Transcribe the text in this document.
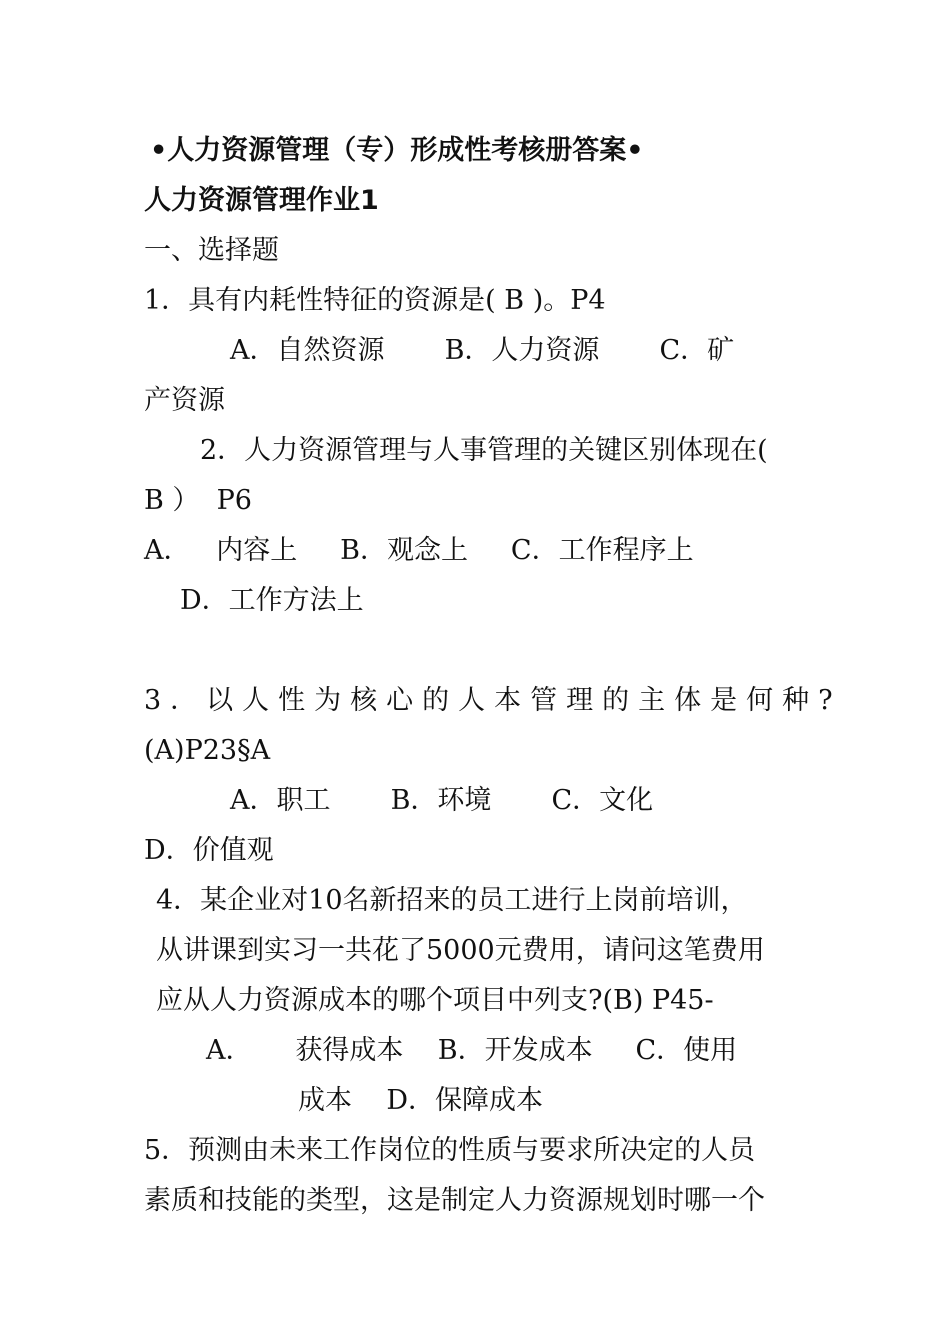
•人力资源管理（专）形成性考核册答案•
人力资源管理作业1
一、选择题
1．具有内耗性特征的资源是( B )。P4
A．自然资源       B．人力资源       C．矿
产资源
2．人力资源管理与人事管理的关键区别体现在(
B ）  P6
A．   内容上     B．观念上     C．工作程序上
D．工作方法上
3．以人性为核心的人本管理的主体是何种?
(A)P23§A
A．职工       B．环境       C．文化
D．价值观
4．某企业对10名新招来的员工进行上岗前培训，
从讲课到实习一共花了5000元费用，请问这笔费用
应从人力资源成本的哪个项目中列支?(B) P45-
A．     获得成本    B．开发成本     C．使用
成本    D．保障成本
5．预测由未来工作岗位的性质与要求所决定的人员
素质和技能的类型，这是制定人力资源规划时哪一个
